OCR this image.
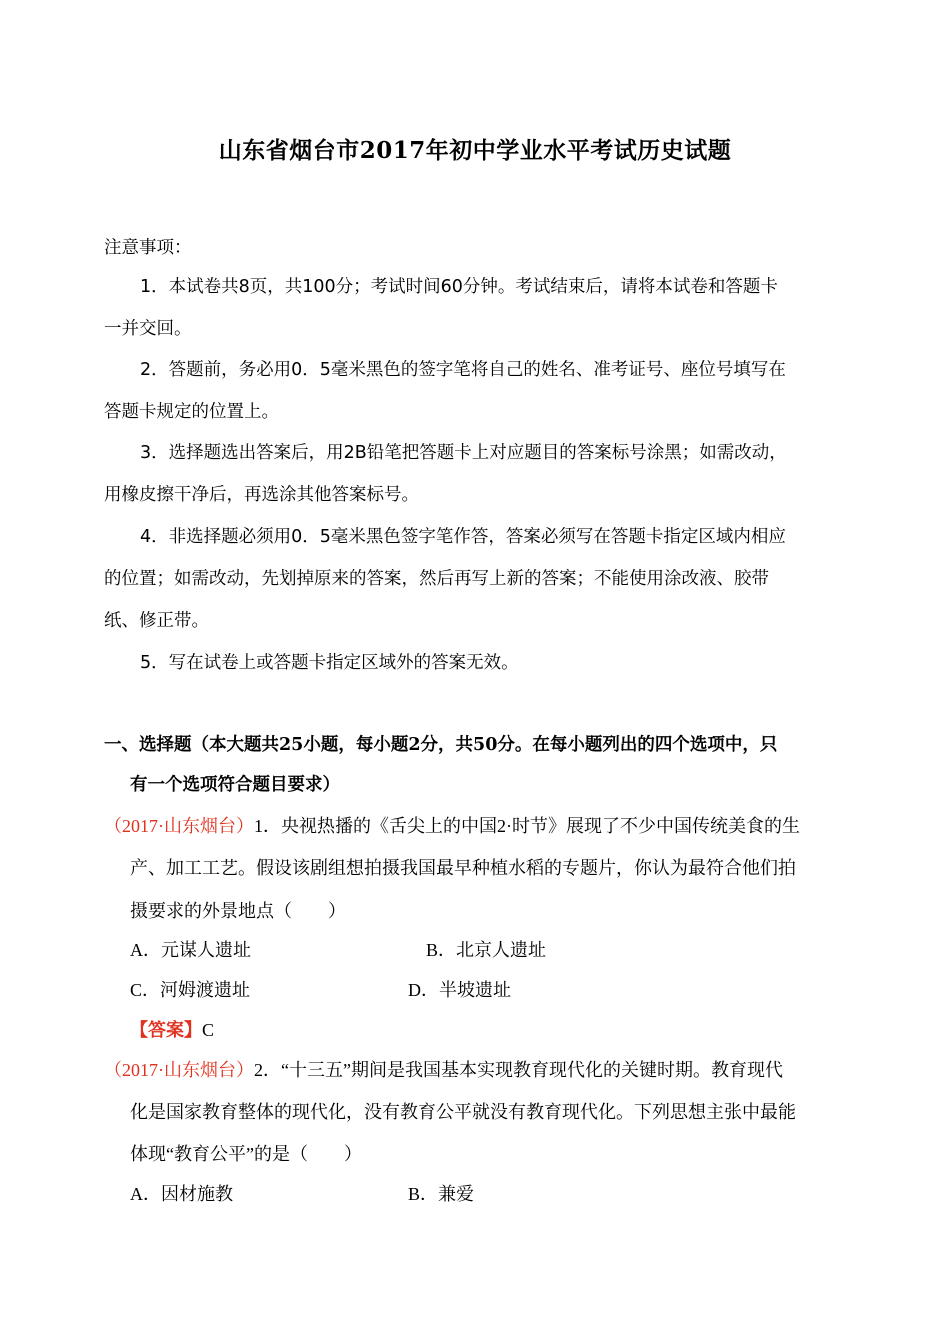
山东省烟台市2017年初中学业水平考试历史试题
注意事项：
1．本试卷共8页，共100分；考试时间60分钟。考试结束后，请将本试卷和答题卡
一并交回。
2．答题前，务必用0．5毫米黑色的签字笔将自己的姓名、准考证号、座位号填写在
答题卡规定的位置上。
3．选择题选出答案后，用2B铅笔把答题卡上对应题目的答案标号涂黑；如需改动，
用橡皮擦干净后，再选涂其他答案标号。
4．非选择题必须用0．5毫米黑色签字笔作答，答案必须写在答题卡指定区域内相应
的位置；如需改动，先划掉原来的答案，然后再写上新的答案；不能使用涂改液、胶带
纸、修正带。
5．写在试卷上或答题卡指定区域外的答案无效。
一、选择题（本大题共25小题，每小题2分，共50分。在每小题列出的四个选项中，只
有一个选项符合题目要求）
（2017·山东烟台）1．央视热播的《舌尖上的中国2·时节》展现了不少中国传统美食的生
产、加工工艺。假设该剧组想拍摄我国最早种植水稻的专题片，你认为最符合他们拍
摄要求的外景地点（　　）
A．元谋人遗址	B．北京人遗址
C．河姆渡遗址	D．半坡遗址
【答案】C
（2017·山东烟台）2．“十三五”期间是我国基本实现教育现代化的关键时期。教育现代
化是国家教育整体的现代化，没有教育公平就没有教育现代化。下列思想主张中最能
体现“教育公平”的是（　　）
A．因材施教	B．兼爱
